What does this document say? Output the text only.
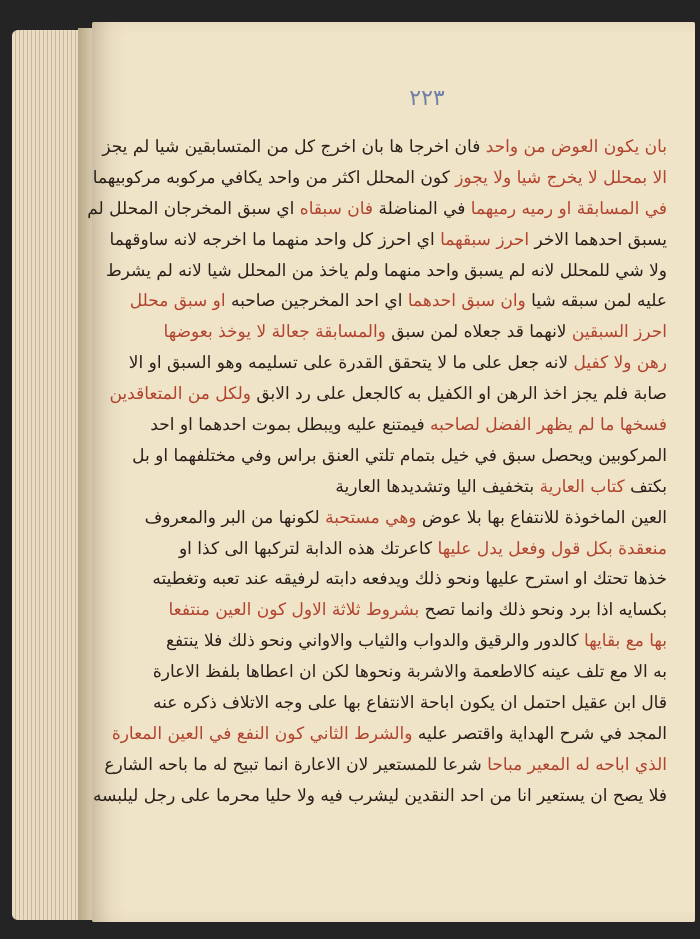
٢٢٣
بان يكون العوض من واحد فان اخرجا ها بان اخرج كل من المتسابقين شيا لم يجز
الا بمحلل لا يخرج شيا ولا يجوز كون المحلل اكثر من واحد يكافي مركوبه مركوبيهما
في المسابقة او رميه رميهما في المناضلة فان سبقاه اي سبق المخرجان المحلل لم
يسبق احدهما الاخر احرز سبقهما اي احرز كل واحد منهما ما اخرجه لانه ساوقهما
ولا شي للمحلل لانه لم يسبق واحد منهما ولم ياخذ من المحلل شيا لانه لم يشرط
عليه لمن سبقه شيا وان سبق احدهما اي احد المخرجين صاحبه او سبق محلل
احرز السبقين لانهما قد جعلاه لمن سبق والمسابقة جعالة لا يوخذ بعوضها
رهن ولا كفيل لانه جعل على ما لا يتحقق القدرة على تسليمه وهو السبق او الا
صابة فلم يجز اخذ الرهن او الكفيل به كالجعل على رد الابق ولكل من المتعاقدين
فسخها ما لم يظهر الفضل لصاحبه فيمتنع عليه ويبطل بموت احدهما او احد
المركوبين ويحصل سبق في خيل بتمام تلتي العنق براس وفي مختلفهما او بل
بكتف كتاب العارية بتخفيف اليا وتشديدها العارية
العين الماخوذة للانتفاع بها بلا عوض وهي مستحبة لكونها من البر والمعروف
منعقدة بكل قول وفعل يدل عليها كاعرتك هذه الدابة لتركبها الى كذا او
خذها تحتك او استرح عليها ونحو ذلك ويدفعه دابته لرفيقه عند تعبه وتغطيته
بكسايه اذا برد ونحو ذلك وانما تصح بشروط ثلاثة الاول كون العين منتفعا
بها مع بقايها كالدور والرقيق والدواب والثياب والاواني ونحو ذلك فلا ينتفع
به الا مع تلف عينه كالاطعمة والاشربة ونحوها لكن ان اعطاها بلفظ الاعارة
قال ابن عقيل احتمل ان يكون اباحة الانتفاع بها على وجه الاتلاف ذكره عنه
المجد في شرح الهداية واقتصر عليه والشرط الثاني كون النفع في العين المعارة
الذي اباحه له المعير مباحا شرعا للمستعير لان الاعارة انما تبيح له ما باحه الشارع
فلا يصح ان يستعير انا من احد النقدين ليشرب فيه ولا حليا محرما على رجل ليلبسه
